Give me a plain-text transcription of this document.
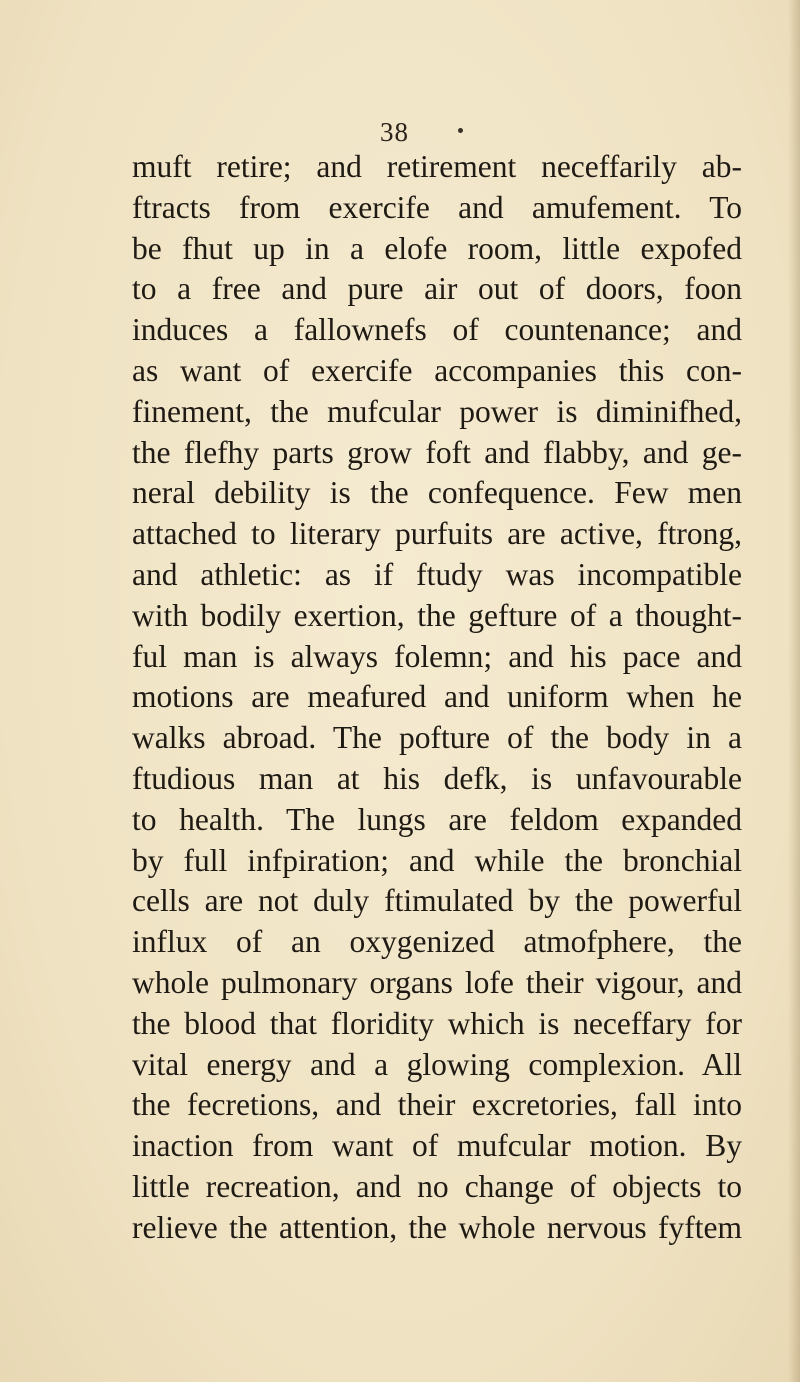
38
muft retire; and retirement neceffarily ab-
ftracts from exercife and amufement. To
be fhut up in a elofe room, little expofed
to a free and pure air out of doors, foon
induces a fallownefs of countenance; and
as want of exercife accompanies this con-
finement, the mufcular power is diminifhed,
the flefhy parts grow foft and flabby, and ge-
neral debility is the confequence. Few men
attached to literary purfuits are active, ftrong,
and athletic: as if ftudy was incompatible
with bodily exertion, the gefture of a thought-
ful man is always folemn; and his pace and
motions are meafured and uniform when he
walks abroad. The pofture of the body in a
ftudious man at his defk, is unfavourable
to health. The lungs are feldom expanded
by full infpiration; and while the bronchial
cells are not duly ftimulated by the powerful
influx of an oxygenized atmofphere, the
whole pulmonary organs lofe their vigour, and
the blood that floridity which is neceffary for
vital energy and a glowing complexion. All
the fecretions, and their excretories, fall into
inaction from want of mufcular motion. By
little recreation, and no change of objects to
relieve the attention, the whole nervous fyftem
